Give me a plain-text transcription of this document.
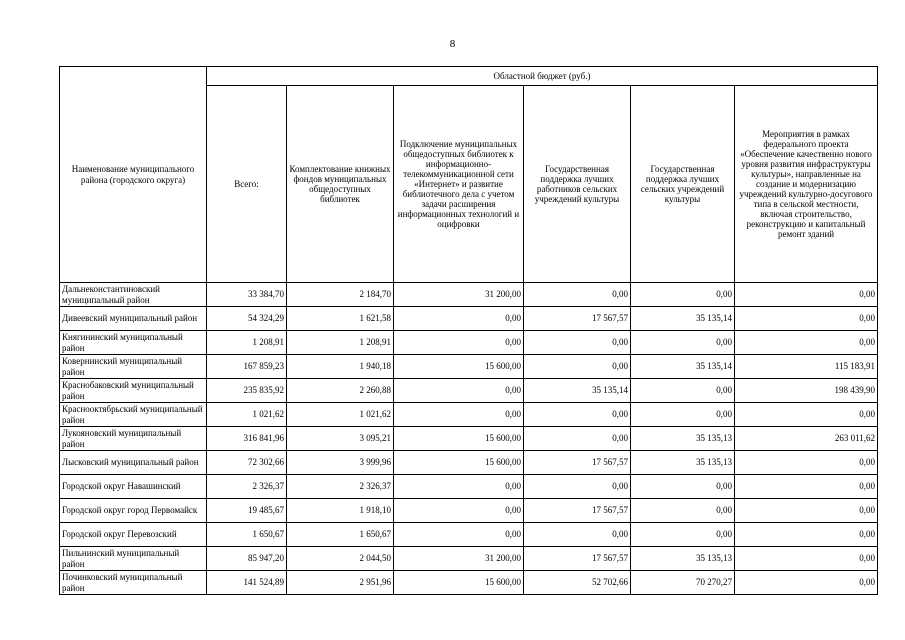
8
Наименование муниципального района (городского округа)	Областной бюджет (руб.)					
	Всего:	Комплектование книжных фондов муниципальных общедоступных библиотек	Подключение муниципальных общедоступных библиотек к информационно-телекоммуникационной сети «Интернет» и развитие библиотечного дела с учетом задачи расширения информационных технологий и оцифровки	Государственная поддержка лучших работников сельских учреждений культуры	Государственная поддержка лучших сельских учреждений культуры	Мероприятия в рамках федерального проекта «Обеспечение качественно нового уровня развития инфраструктуры культуры», направленные на создание и модернизацию учреждений культурно-досугового типа в сельской местности, включая строительство, реконструкцию и капитальный ремонт зданий
Дальнеконстантиновский муниципальный район	33 384,70	2 184,70	31 200,00	0,00	0,00	0,00
Дивеевский муниципальный район	54 324,29	1 621,58	0,00	17 567,57	35 135,14	0,00
Княгининский муниципальный район	1 208,91	1 208,91	0,00	0,00	0,00	0,00
Ковернинский муниципальный район	167 859,23	1 940,18	15 600,00	0,00	35 135,14	115 183,91
Краснобаковский муниципальный район	235 835,92	2 260,88	0,00	35 135,14	0,00	198 439,90
Краснооктябрьский муниципальный район	1 021,62	1 021,62	0,00	0,00	0,00	0,00
Лукояновский муниципальный район	316 841,96	3 095,21	15 600,00	0,00	35 135,13	263 011,62
Лысковский муниципальный район	72 302,66	3 999,96	15 600,00	17 567,57	35 135,13	0,00
Городской округ Навашинский	2 326,37	2 326,37	0,00	0,00	0,00	0,00
Городской округ город Первомайск	19 485,67	1 918,10	0,00	17 567,57	0,00	0,00
Городской округ Перевозский	1 650,67	1 650,67	0,00	0,00	0,00	0,00
Пильнинский муниципальный район	85 947,20	2 044,50	31 200,00	17 567,57	35 135,13	0,00
Починковский муниципальный район	141 524,89	2 951,96	15 600,00	52 702,66	70 270,27	0,00
